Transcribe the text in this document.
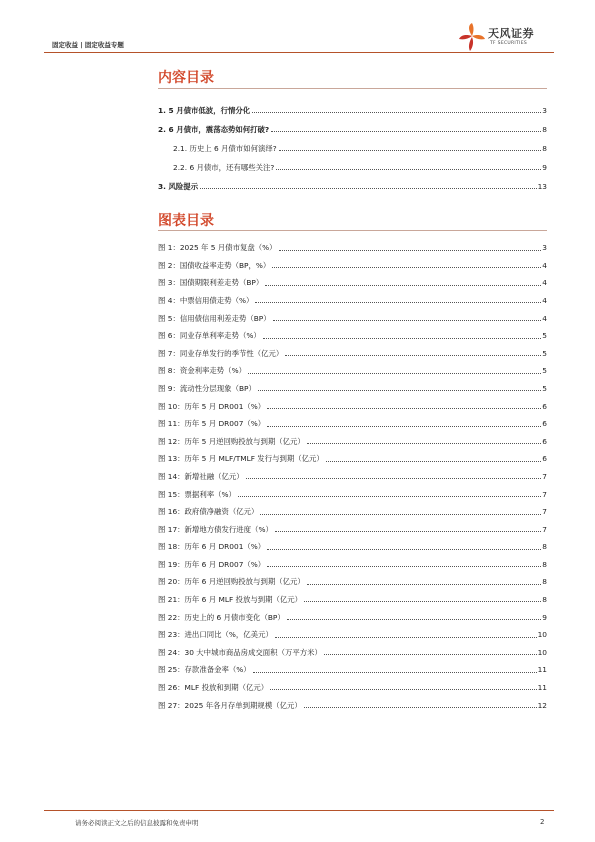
固定收益 | 固定收益专题
天风证券
TF SECURITIES
内容目录
1. 5 月债市低波，行情分化	3
2. 6 月债市，震荡态势如何打破?	8
2.1. 历史上 6 月债市如何演绎?	8
2.2. 6 月债市，还有哪些关注?	9
3. 风险提示	13
图表目录
图 1：2025 年 5 月债市复盘（%）	3
图 2：国债收益率走势（BP，%）	4
图 3：国债期限利差走势（BP）	4
图 4：中票信用债走势（%）	4
图 5：信用债信用利差走势（BP）	4
图 6：同业存单利率走势（%）	5
图 7：同业存单发行的季节性（亿元）	5
图 8：资金利率走势（%）	5
图 9：流动性分层现象（BP）	5
图 10：历年 5 月 DR001（%）	6
图 11：历年 5 月 DR007（%）	6
图 12：历年 5 月逆回购投放与到期（亿元）	6
图 13：历年 5 月 MLF/TMLF 发行与到期（亿元）	6
图 14：新增社融（亿元）	7
图 15：票据利率（%）	7
图 16：政府债净融资（亿元）	7
图 17：新增地方债发行进度（%）	7
图 18：历年 6 月 DR001（%）	8
图 19：历年 6 月 DR007（%）	8
图 20：历年 6 月逆回购投放与到期（亿元）	8
图 21：历年 6 月 MLF 投放与到期（亿元）	8
图 22：历史上的 6 月债市变化（BP）	9
图 23：进出口同比（%，亿美元）	10
图 24：30 大中城市商品房成交面积（万平方米）	10
图 25：存款准备金率（%）	11
图 26：MLF 投放和到期（亿元）	11
图 27：2025 年各月存单到期规模（亿元）	12
请务必阅读正文之后的信息披露和免责申明	2
